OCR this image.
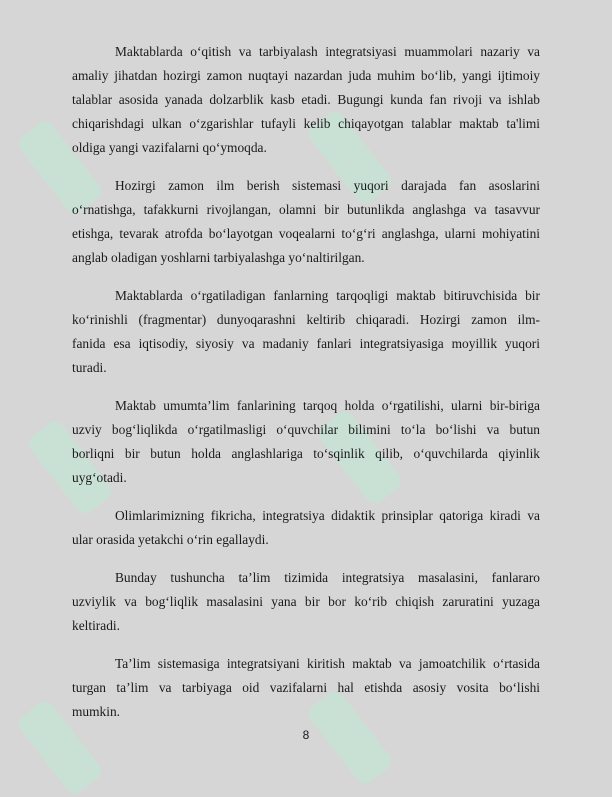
Maktablarda o‘qitish va tarbiyalash integratsiyasi muammolari nazariy va
amaliy jihatdan hozirgi zamon nuqtayi nazardan juda muhim bo‘lib, yangi ijtimoiy
talablar asosida yanada dolzarblik kasb etadi. Bugungi kunda fan rivoji va ishlab
chiqarishdagi ulkan o‘zgarishlar tufayli kelib chiqayotgan talablar maktab ta'limi
oldiga yangi vazifalarni qo‘ymoqda.
Hozirgi zamon ilm berish sistemasi yuqori darajada fan asoslarini
o‘rnatishga, tafakkurni rivojlangan, olamni bir butunlikda anglashga va tasavvur
etishga, tevarak atrofda bo‘layotgan voqealarni to‘g‘ri anglashga, ularni mohiyatini
anglab oladigan yoshlarni tarbiyalashga yo‘naltirilgan.
Maktablarda o‘rgatiladigan fanlarning tarqoqligi maktab bitiruvchisida bir
ko‘rinishli (fragmentar) dunyoqarashni keltirib chiqaradi. Hozirgi zamon ilm-
fanida esa iqtisodiy, siyosiy va madaniy fanlari integratsiyasiga moyillik yuqori
turadi.
Maktab umumta’lim fanlarining tarqoq holda o‘rgatilishi, ularni bir-biriga
uzviy bog‘liqlikda o‘rgatilmasligi o‘quvchilar bilimini to‘la bo‘lishi va butun
borliqni bir butun holda anglashlariga to‘sqinlik qilib, o‘quvchilarda qiyinlik
uyg‘otadi.
Olimlarimizning fikricha, integratsiya didaktik prinsiplar qatoriga kiradi va
ular orasida yetakchi o‘rin egallaydi.
Bunday tushuncha ta’lim tizimida integratsiya masalasini, fanlararo
uzviylik va bog‘liqlik masalasini yana bir bor ko‘rib chiqish zaruratini yuzaga
keltiradi.
Ta’lim sistemasiga integratsiyani kiritish maktab va jamoatchilik o‘rtasida
turgan ta’lim va tarbiyaga oid vazifalarni hal etishda asosiy vosita bo‘lishi
mumkin.
8
